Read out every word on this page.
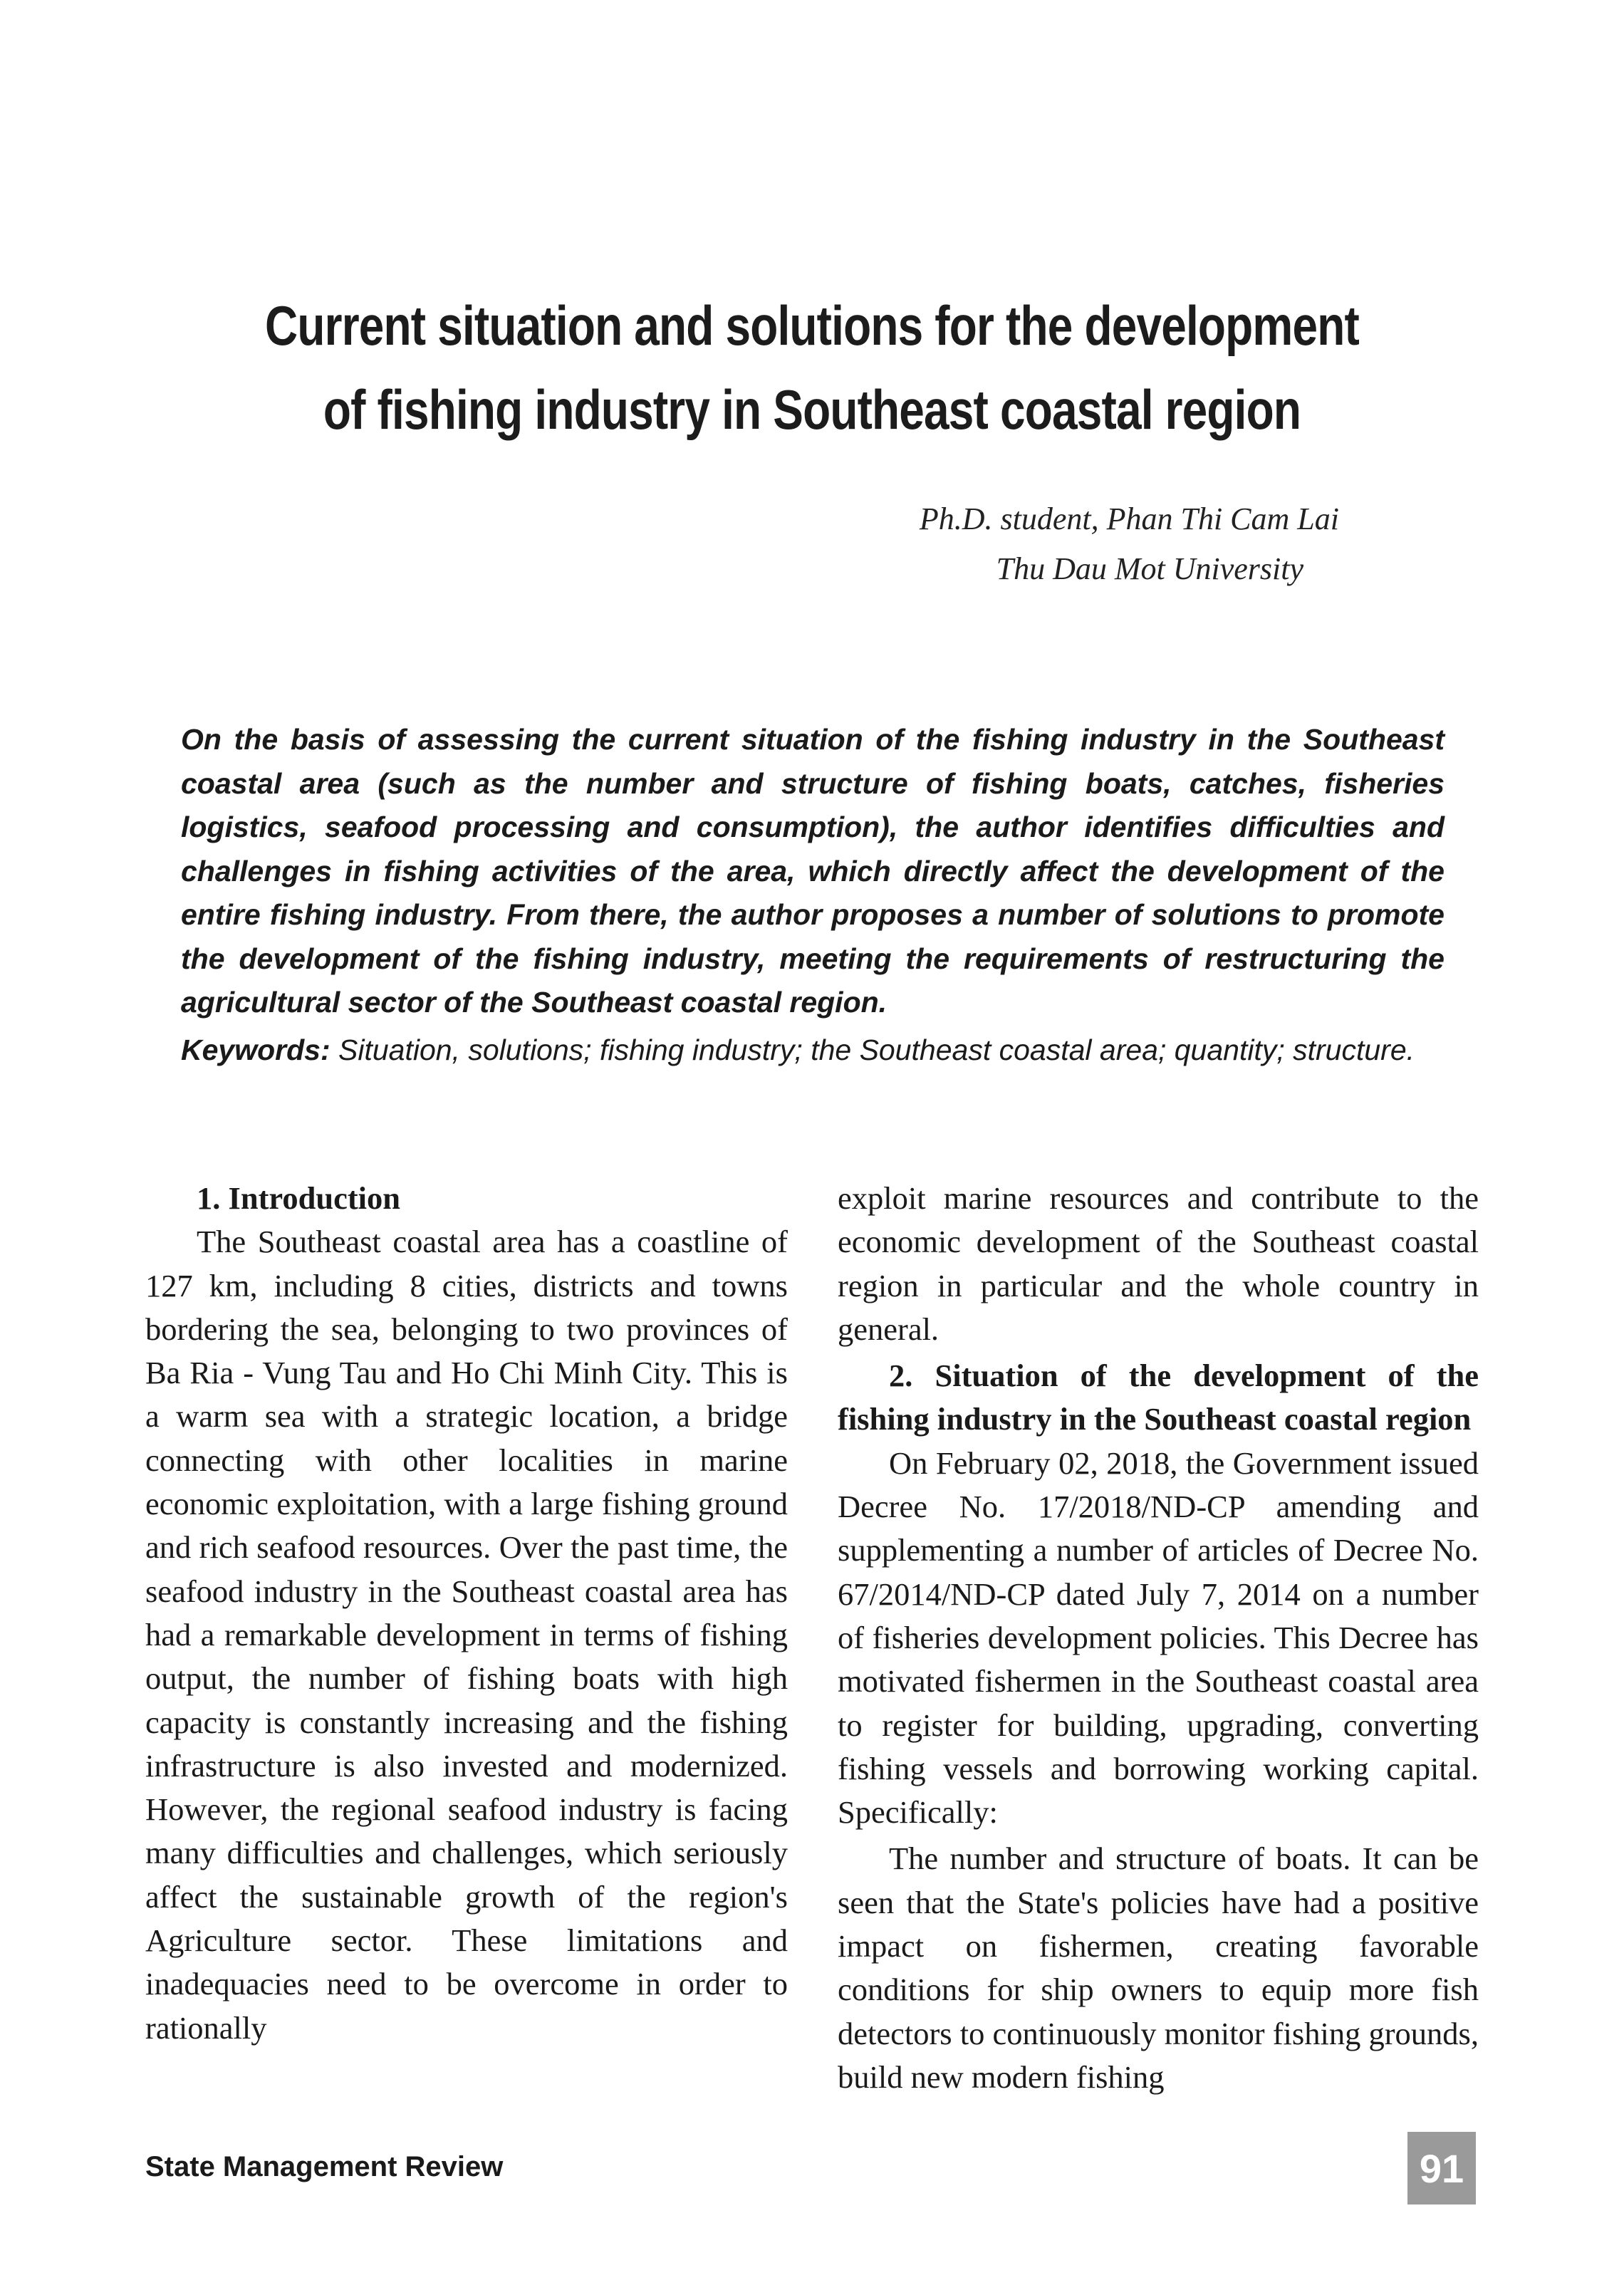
Current situation and solutions for the development
of fishing industry in Southeast coastal region
Ph.D. student, Phan Thi Cam Lai
Thu Dau Mot University

On the basis of assessing the current situation of the fishing industry in the Southeast coastal area (such as the number and structure of fishing boats, catches, fisheries logistics, seafood processing and consumption), the author identifies difficulties and challenges in fishing activities of the area, which directly affect the development of the entire fishing industry. From there, the author proposes a number of solutions to promote the development of the fishing industry, meeting the requirements of restructuring the agricultural sector of the Southeast coastal region.

Keywords: Situation, solutions; fishing industry; the Southeast coastal area; quantity; structure.

1. Introduction

The Southeast coastal area has a coastline of 127 km, including 8 cities, districts and towns bordering the sea, belonging to two provinces of Ba Ria - Vung Tau and Ho Chi Minh City. This is a warm sea with a strategic location, a bridge connecting with other localities in marine economic exploitation, with a large fishing ground and rich seafood resources. Over the past time, the seafood industry in the Southeast coastal area has had a remarkable development in terms of fishing output, the number of fishing boats with high capacity is constantly increasing and the fishing infrastructure is also invested and modernized. However, the regional seafood industry is facing many difficulties and challenges, which seriously affect the sustainable growth of the region's Agriculture sector. These limitations and inadequacies need to be overcome in order to rationally

exploit marine resources and contribute to the economic development of the Southeast coastal region in particular and the whole country in general.

2. Situation of the development of the fishing industry in the Southeast coastal region

On February 02, 2018, the Government issued Decree No. 17/2018/ND-CP amending and supplementing a number of articles of Decree No. 67/2014/ND-CP dated July 7, 2014 on a number of fisheries development policies. This Decree has motivated fishermen in the Southeast coastal area to register for building, upgrading, converting fishing vessels and borrowing working capital. Specifically:

The number and structure of boats. It can be seen that the State's policies have had a positive impact on fishermen, creating favorable conditions for ship owners to equip more fish detectors to continuously monitor fishing grounds, build new modern fishing

State Management Review	91
